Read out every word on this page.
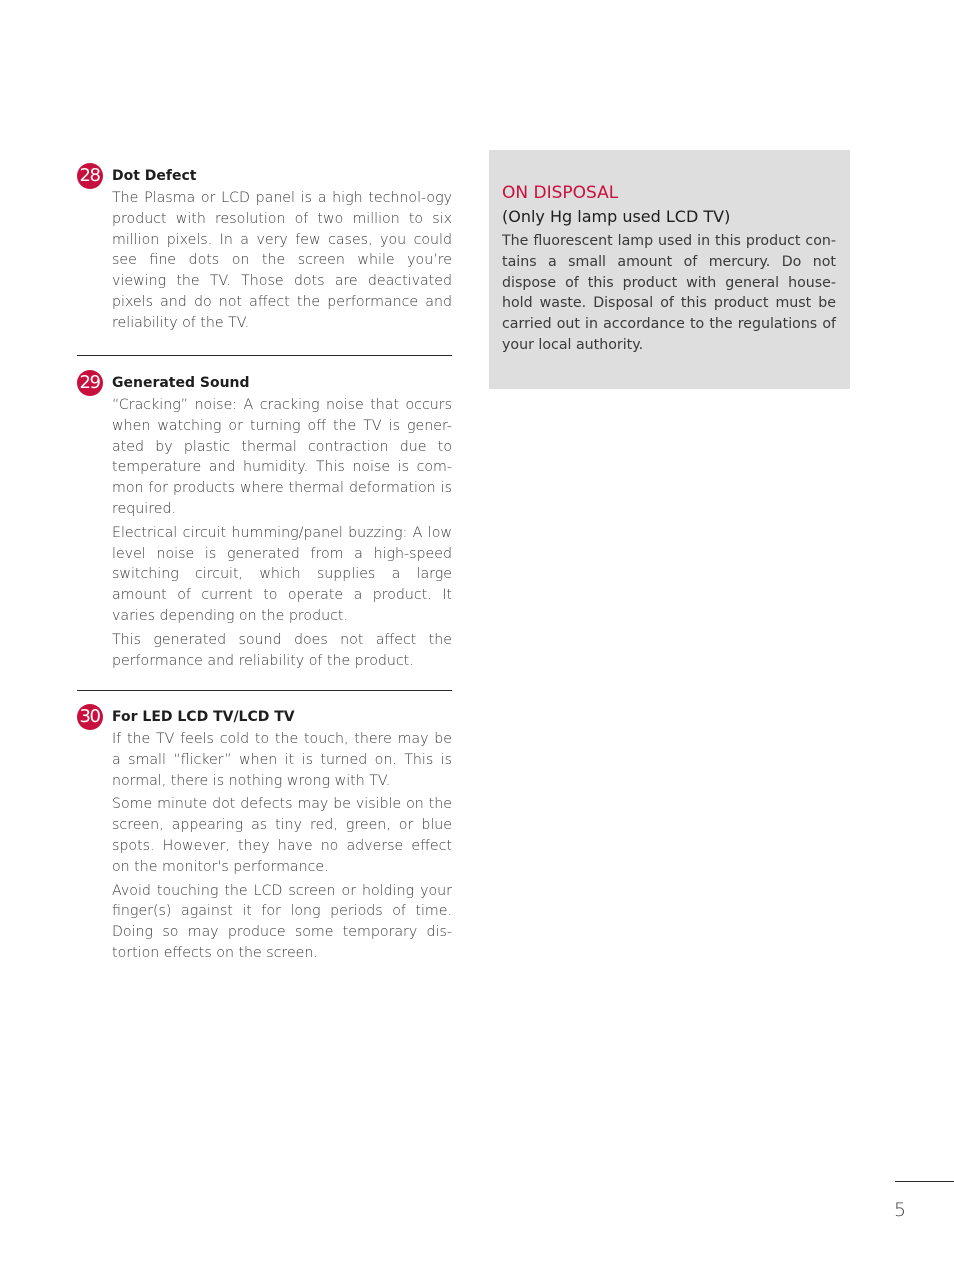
28 Dot Defect

The Plasma or LCD panel is a high technol-ogy product with resolution of two million to six million pixels. In a very few cases, you could see fine dots on the screen while you’re viewing the TV. Those dots are deactivated pixels and do not affect the performance and reliability of the TV.

29 Generated Sound

“Cracking” noise: A cracking noise that occurs when watching or turning off the TV is gener-ated by plastic thermal contraction due to temperature and humidity. This noise is com-mon for products where thermal deformation is required.

Electrical circuit humming/panel buzzing: A low level noise is generated from a high-speed switching circuit, which supplies a large amount of current to operate a product. It varies depending on the product.

This generated sound does not affect the performance and reliability of the product.

30 For LED LCD TV/LCD TV

If the TV feels cold to the touch, there may be a small “flicker” when it is turned on. This is normal, there is nothing wrong with TV.

Some minute dot defects may be visible on the screen, appearing as tiny red, green, or blue spots. However, they have no adverse effect on the monitor's performance.

Avoid touching the LCD screen or holding your finger(s) against it for long periods of time. Doing so may produce some temporary dis-tortion effects on the screen.

ON DISPOSAL
(Only Hg lamp used LCD TV)

The fluorescent lamp used in this product con-tains a small amount of mercury. Do not dispose of this product with general house-hold waste. Disposal of this product must be carried out in accordance to the regulations of your local authority.

5
